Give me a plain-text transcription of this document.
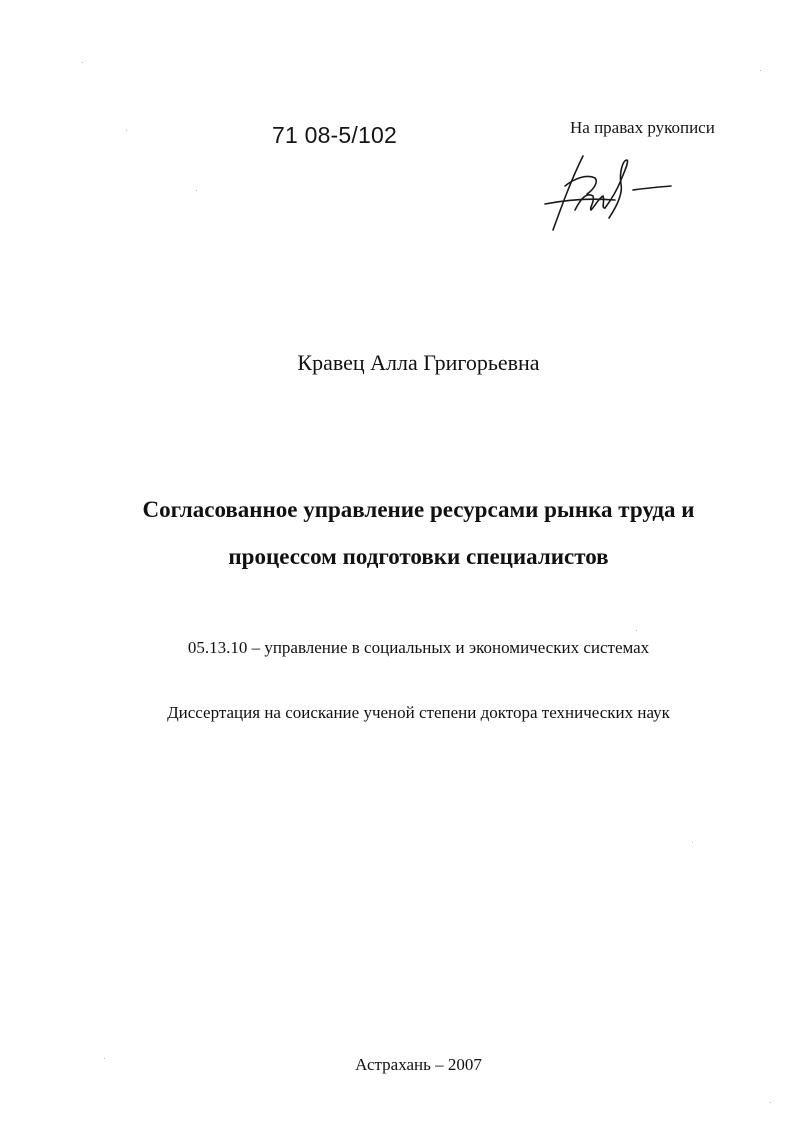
71 08-5/102	На правах рукописи
Кравец Алла Григорьевна
Согласованное управление ресурсами рынка труда и
процессом подготовки специалистов
05.13.10 – управление в социальных и экономических системах
Диссертация на соискание ученой степени доктора технических наук
Астрахань – 2007
